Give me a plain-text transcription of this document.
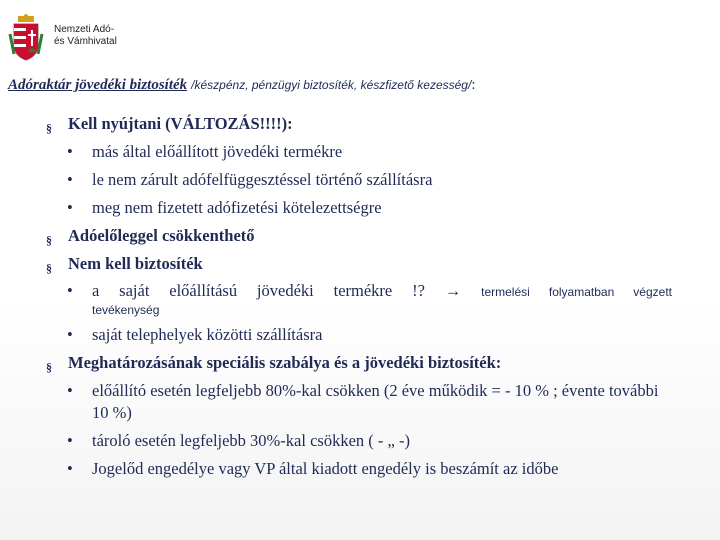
Nemzeti Adó-
és Vámhivatal
Adóraktár jövedéki biztosíték /készpénz, pénzügyi biztosíték, készfizető kezesség/:
§ Kell nyújtani (VÁLTOZÁS!!!!):
• más által előállított jövedéki termékre
• le nem zárult adófelfüggesztéssel történő szállításra
• meg nem fizetett adófizetési kötelezettségre
§ Adóelőleggel csökkenthető
§ Nem kell biztosíték
• a saját előállítású jövedéki termékre !? → termelési folyamatban végzett
tevékenység
• saját telephelyek közötti szállításra
§ Meghatározásának speciális szabálya és a jövedéki biztosíték:
• előállító esetén legfeljebb 80%-kal csökken (2 éve működik = - 10 % ; évente további 10 %)
• tároló esetén legfeljebb 30%-kal csökken ( - „ -)
• Jogelőd engedélye vagy VP által kiadott engedély is beszámít az időbe
